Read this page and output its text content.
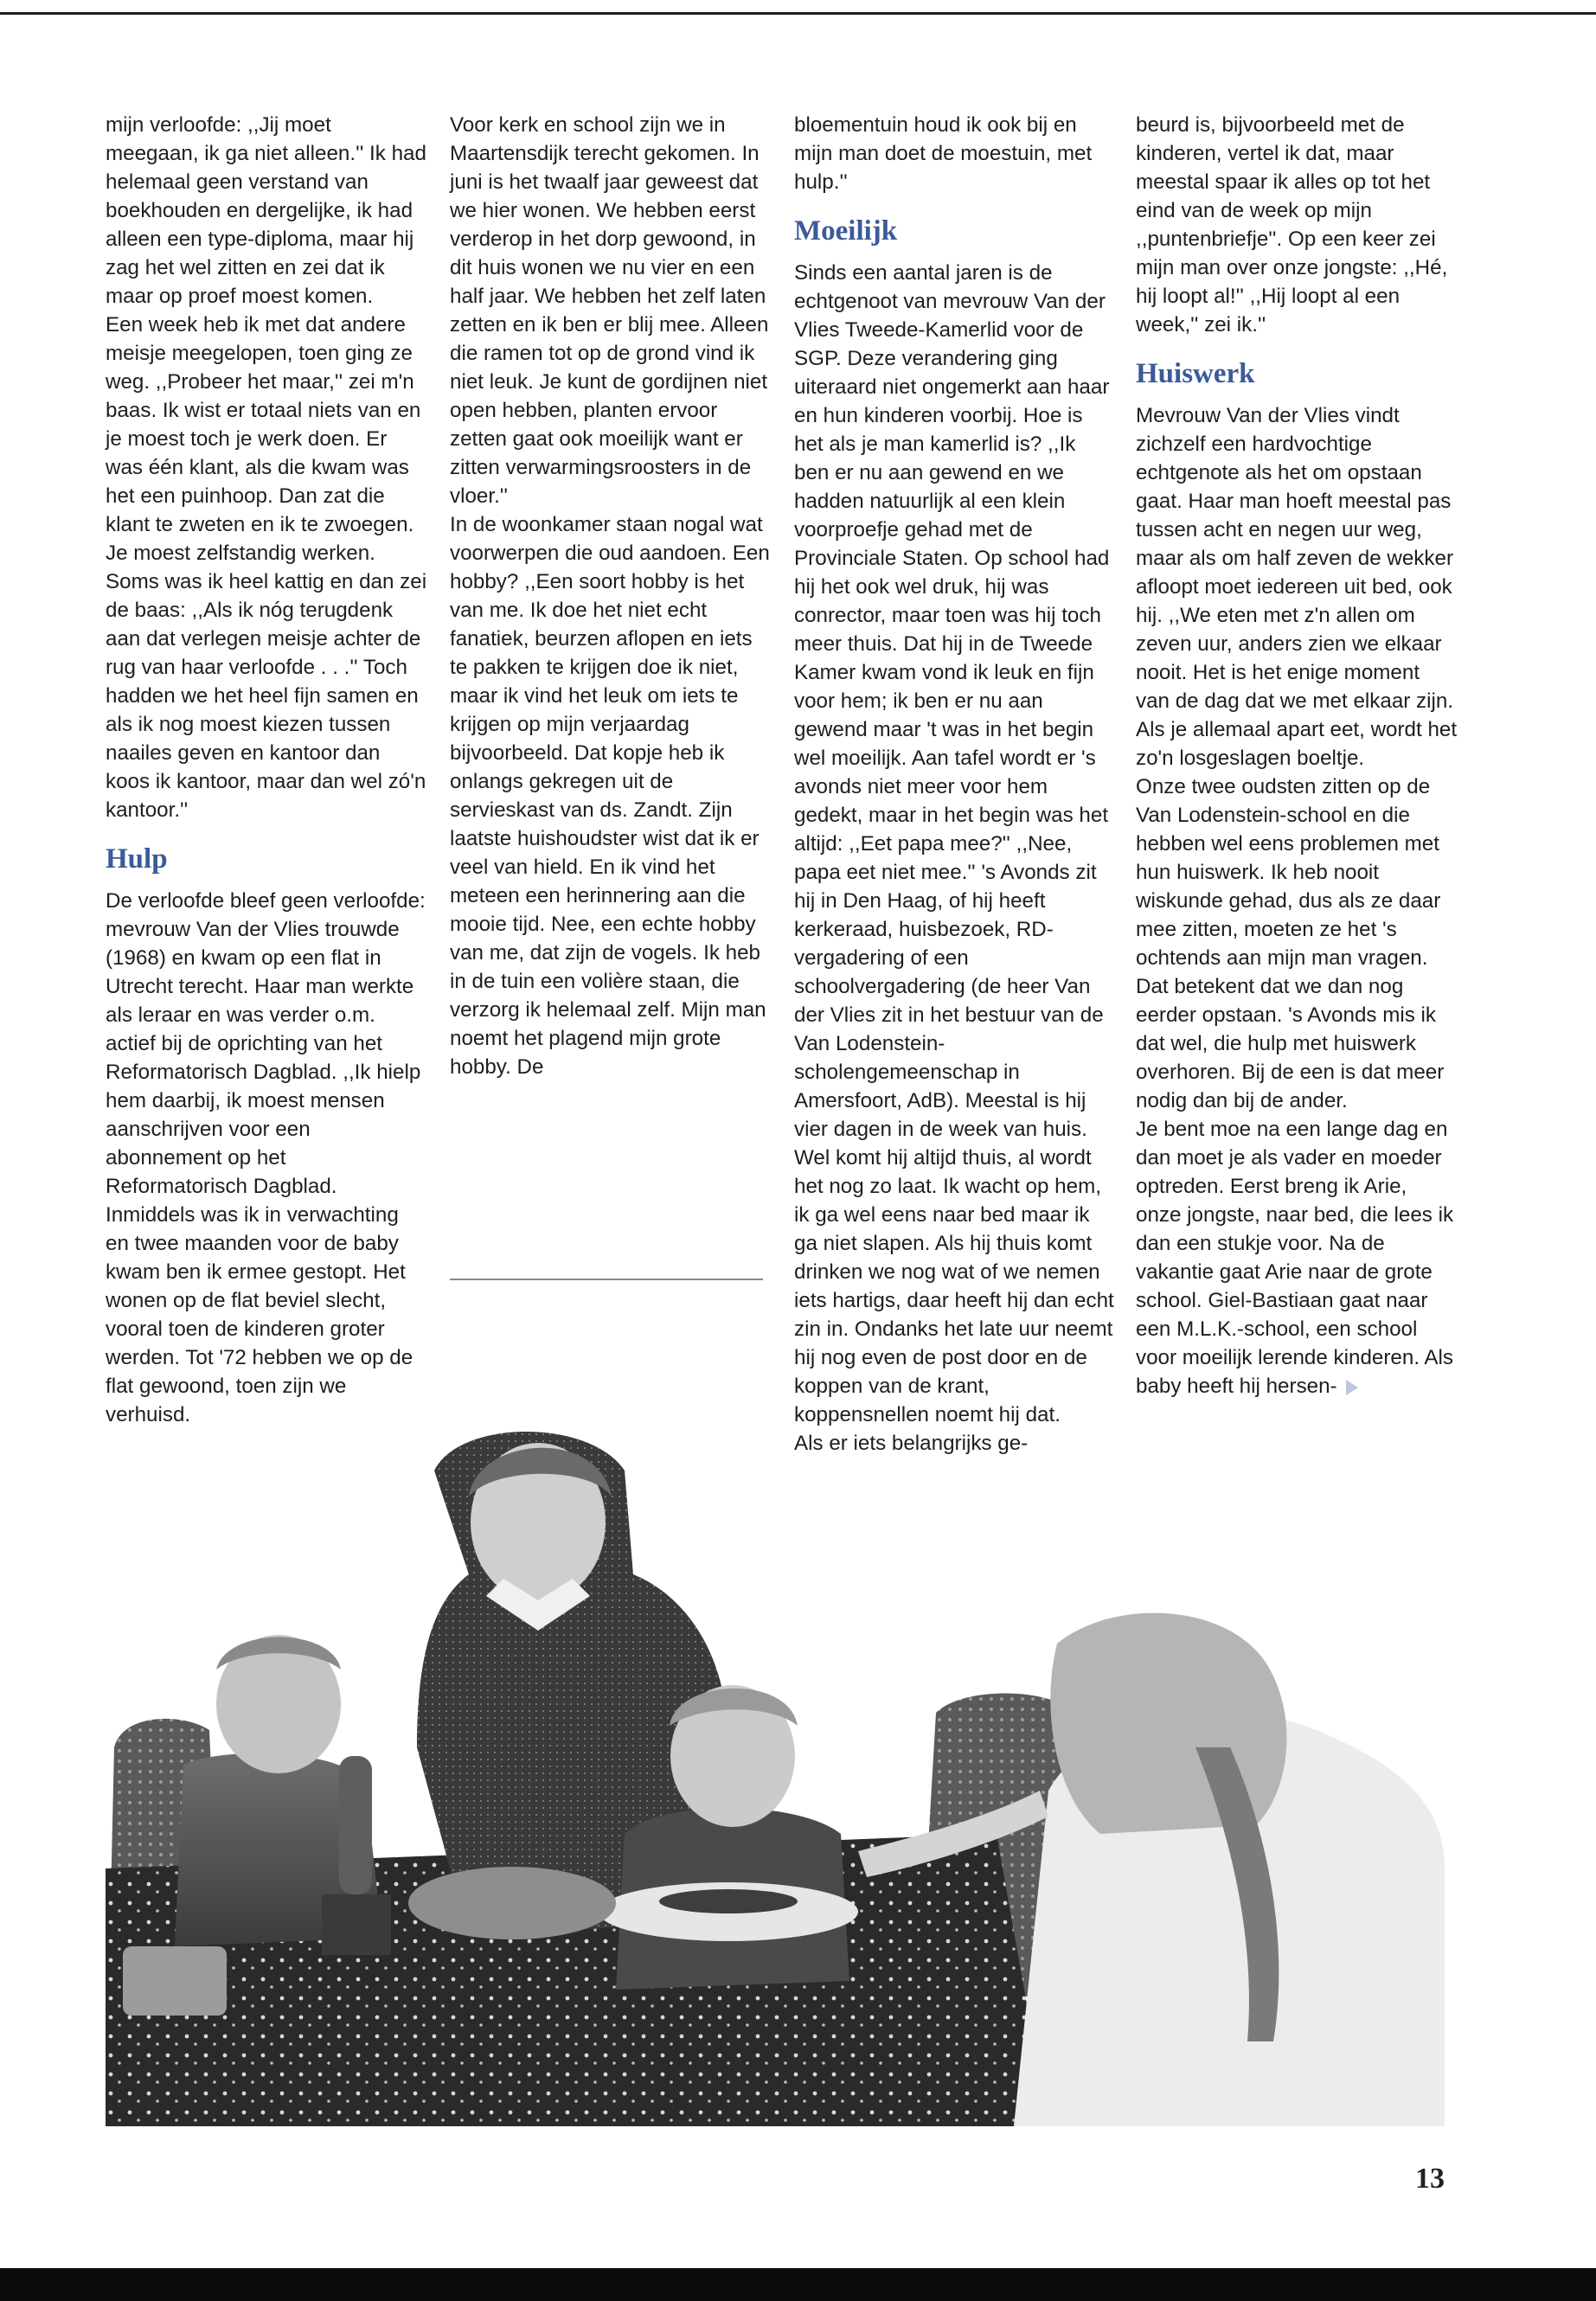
mijn verloofde: ,,Jij moet meegaan, ik ga niet alleen.'' Ik had helemaal geen verstand van boekhouden en dergelijke, ik had alleen een type-diploma, maar hij zag het wel zitten en zei dat ik maar op proef moest komen.

Een week heb ik met dat andere meisje meegelopen, toen ging ze weg. ,,Probeer het maar,'' zei m'n baas. Ik wist er totaal niets van en je moest toch je werk doen. Er was één klant, als die kwam was het een puinhoop. Dan zat die klant te zweten en ik te zwoegen. Je moest zelfstandig werken. Soms was ik heel kattig en dan zei de baas: ,,Als ik nóg terugdenk aan dat verlegen meisje achter de rug van haar verloofde . . .'' Toch hadden we het heel fijn samen en als ik nog moest kiezen tussen naailes geven en kantoor dan koos ik kantoor, maar dan wel zó'n kantoor.''

Hulp

De verloofde bleef geen verloofde: mevrouw Van der Vlies trouwde (1968) en kwam op een flat in Utrecht terecht. Haar man werkte als leraar en was verder o.m. actief bij de oprichting van het Reformatorisch Dagblad. ,,Ik hielp hem daarbij, ik moest mensen aanschrijven voor een abonnement op het Reformatorisch Dagblad. Inmiddels was ik in verwachting en twee maanden voor de baby kwam ben ik ermee gestopt. Het wonen op de flat beviel slecht, vooral toen de kinderen groter werden. Tot '72 hebben we op de flat gewoond, toen zijn we verhuisd.

Voor kerk en school zijn we in Maartensdijk terecht gekomen. In juni is het twaalf jaar geweest dat we hier wonen. We hebben eerst verderop in het dorp gewoond, in dit huis wonen we nu vier en een half jaar. We hebben het zelf laten zetten en ik ben er blij mee. Alleen die ramen tot op de grond vind ik niet leuk. Je kunt de gordijnen niet open hebben, planten ervoor zetten gaat ook moeilijk want er zitten verwarmingsroosters in de vloer.''

In de woonkamer staan nogal wat voorwerpen die oud aandoen. Een hobby? ,,Een soort hobby is het van me. Ik doe het niet echt fanatiek, beurzen aflopen en iets te pakken te krijgen doe ik niet, maar ik vind het leuk om iets te krijgen op mijn verjaardag bijvoorbeeld. Dat kopje heb ik onlangs gekregen uit de servieskast van ds. Zandt. Zijn laatste huishoudster wist dat ik er veel van hield. En ik vind het meteen een herinnering aan die mooie tijd. Nee, een echte hobby van me, dat zijn de vogels. Ik heb in de tuin een volière staan, die verzorg ik helemaal zelf. Mijn man noemt het plagend mijn grote hobby. De

bloementuin houd ik ook bij en mijn man doet de moestuin, met hulp.''

Moeilijk

Sinds een aantal jaren is de echtgenoot van mevrouw Van der Vlies Tweede-Kamerlid voor de SGP. Deze verandering ging uiteraard niet ongemerkt aan haar en hun kinderen voorbij. Hoe is het als je man kamerlid is? ,,Ik ben er nu aan gewend en we hadden natuurlijk al een klein voorproefje gehad met de Provinciale Staten. Op school had hij het ook wel druk, hij was conrector, maar toen was hij toch meer thuis. Dat hij in de Tweede Kamer kwam vond ik leuk en fijn voor hem; ik ben er nu aan gewend maar 't was in het begin wel moeilijk. Aan tafel wordt er 's avonds niet meer voor hem gedekt, maar in het begin was het altijd: ,,Eet papa mee?'' ,,Nee, papa eet niet mee.'' 's Avonds zit hij in Den Haag, of hij heeft kerkeraad, huisbezoek, RD-vergadering of een schoolvergadering (de heer Van der Vlies zit in het bestuur van de Van Lodenstein-scholengemeenschap in Amersfoort, AdB). Meestal is hij vier dagen in de week van huis. Wel komt hij altijd thuis, al wordt het nog zo laat. Ik wacht op hem, ik ga wel eens naar bed maar ik ga niet slapen. Als hij thuis komt drinken we nog wat of we nemen iets hartigs, daar heeft hij dan echt zin in. Ondanks het late uur neemt hij nog even de post door en de koppen van de krant, koppensnellen noemt hij dat.

Als er iets belangrijks ge-

beurd is, bijvoorbeeld met de kinderen, vertel ik dat, maar meestal spaar ik alles op tot het eind van de week op mijn ,,puntenbriefje''. Op een keer zei mijn man over onze jongste: ,,Hé, hij loopt al!'' ,,Hij loopt al een week,'' zei ik.''

Huiswerk

Mevrouw Van der Vlies vindt zichzelf een hardvochtige echtgenote als het om opstaan gaat. Haar man hoeft meestal pas tussen acht en negen uur weg, maar als om half zeven de wekker afloopt moet iedereen uit bed, ook hij. ,,We eten met z'n allen om zeven uur, anders zien we elkaar nooit. Het is het enige moment van de dag dat we met elkaar zijn. Als je allemaal apart eet, wordt het zo'n losgeslagen boeltje.

Onze twee oudsten zitten op de Van Lodenstein-school en die hebben wel eens problemen met hun huiswerk. Ik heb nooit wiskunde gehad, dus als ze daar mee zitten, moeten ze het 's ochtends aan mijn man vragen. Dat betekent dat we dan nog eerder opstaan. 's Avonds mis ik dat wel, die hulp met huiswerk overhoren. Bij de een is dat meer nodig dan bij de ander.

Je bent moe na een lange dag en dan moet je als vader en moeder optreden. Eerst breng ik Arie, onze jongste, naar bed, die lees ik dan een stukje voor. Na de vakantie gaat Arie naar de grote school. Giel-Bastiaan gaat naar een M.L.K.-school, een school voor moeilijk lerende kinderen. Als baby heeft hij hersen-

13
